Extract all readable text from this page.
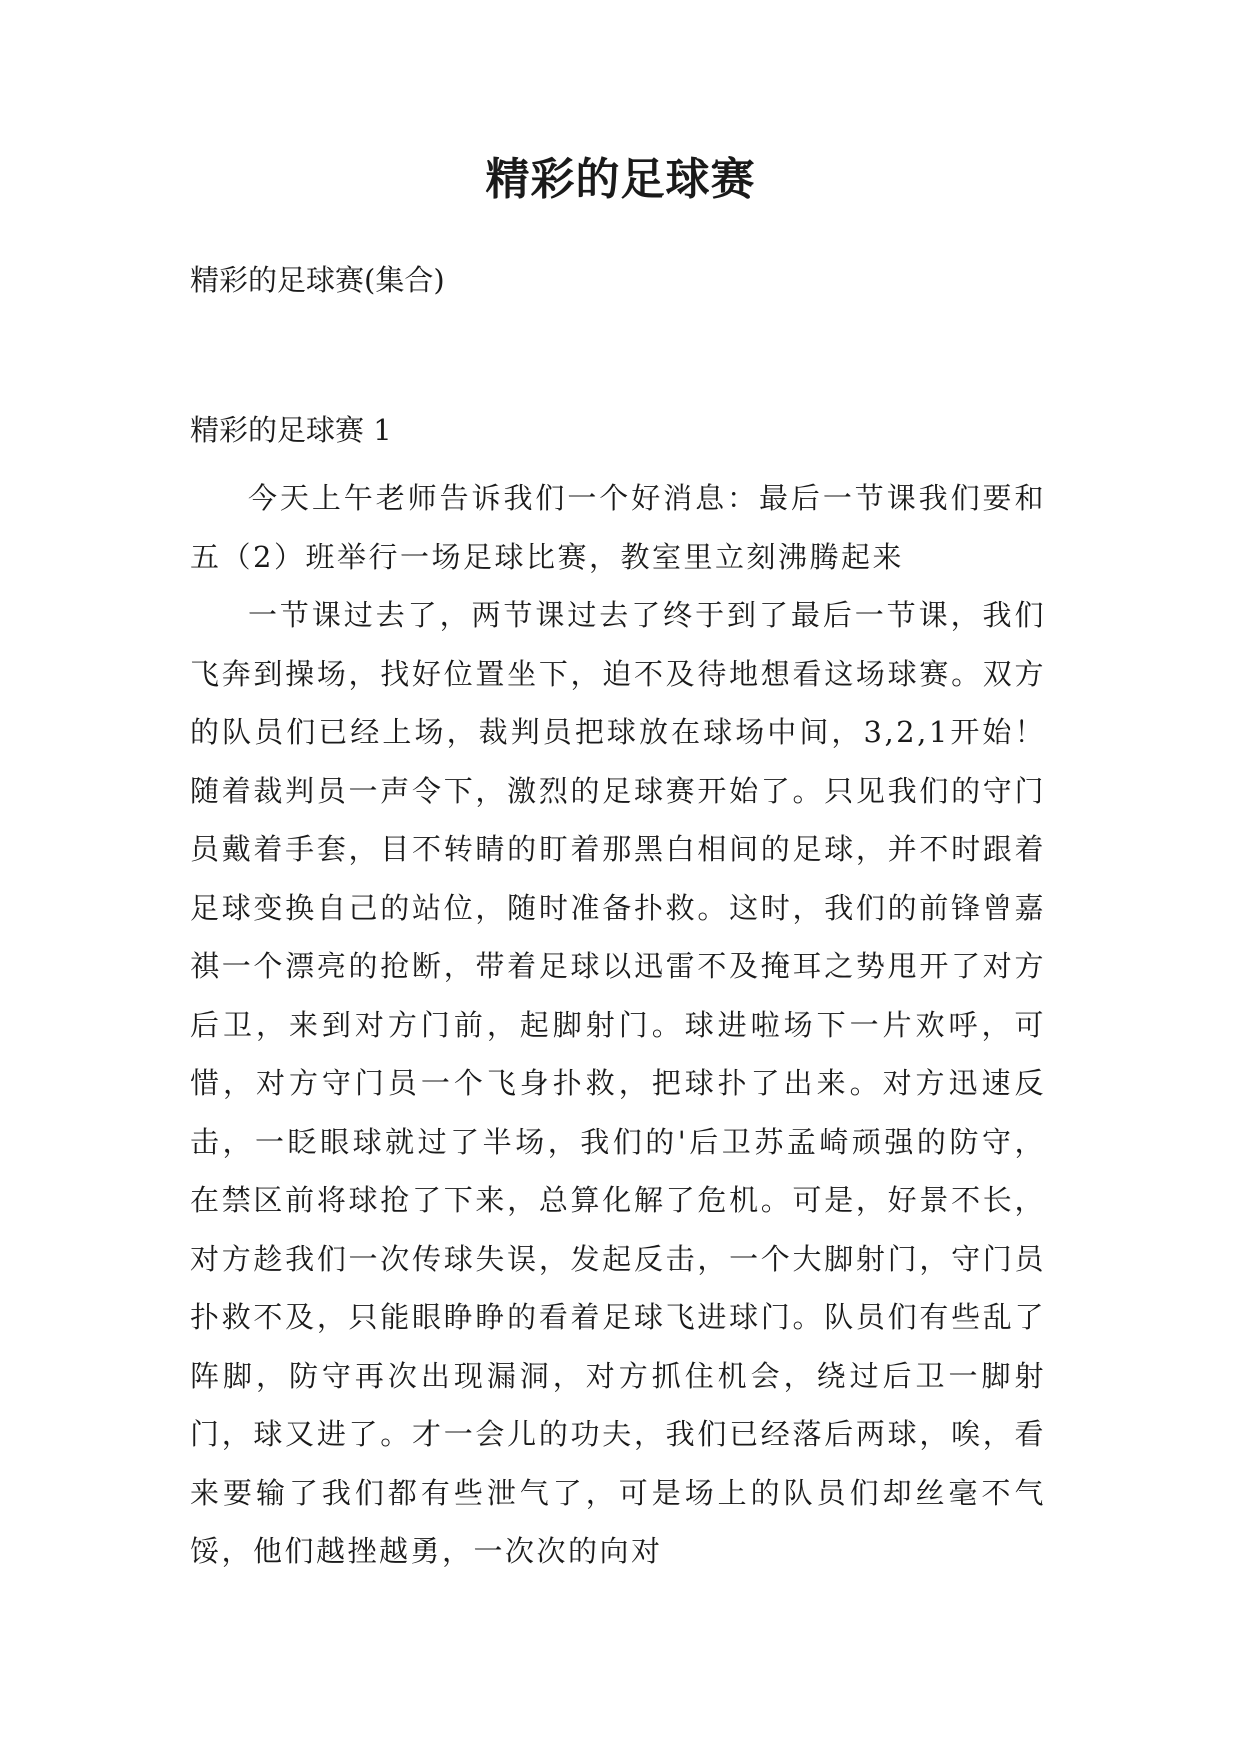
精彩的足球赛
精彩的足球赛(集合)
精彩的足球赛 1

今天上午老师告诉我们一个好消息：最后一节课我们要和五（2）班举行一场足球比赛，教室里立刻沸腾起来

一节课过去了，两节课过去了终于到了最后一节课，我们飞奔到操场，找好位置坐下，迫不及待地想看这场球赛。双方的队员们已经上场，裁判员把球放在球场中间，3,2,1开始！随着裁判员一声令下，激烈的足球赛开始了。只见我们的守门员戴着手套，目不转睛的盯着那黑白相间的足球，并不时跟着足球变换自己的站位，随时准备扑救。这时，我们的前锋曾嘉祺一个漂亮的抢断，带着足球以迅雷不及掩耳之势甩开了对方后卫，来到对方门前，起脚射门。球进啦场下一片欢呼，可惜，对方守门员一个飞身扑救，把球扑了出来。对方迅速反击，一眨眼球就过了半场，我们的'后卫苏孟崎顽强的防守，在禁区前将球抢了下来，总算化解了危机。可是，好景不长，对方趁我们一次传球失误，发起反击，一个大脚射门，守门员扑救不及，只能眼睁睁的看着足球飞进球门。队员们有些乱了阵脚，防守再次出现漏洞，对方抓住机会，绕过后卫一脚射门，球又进了。才一会儿的功夫，我们已经落后两球，唉，看来要输了我们都有些泄气了，可是场上的队员们却丝毫不气馁，他们越挫越勇，一次次的向对
